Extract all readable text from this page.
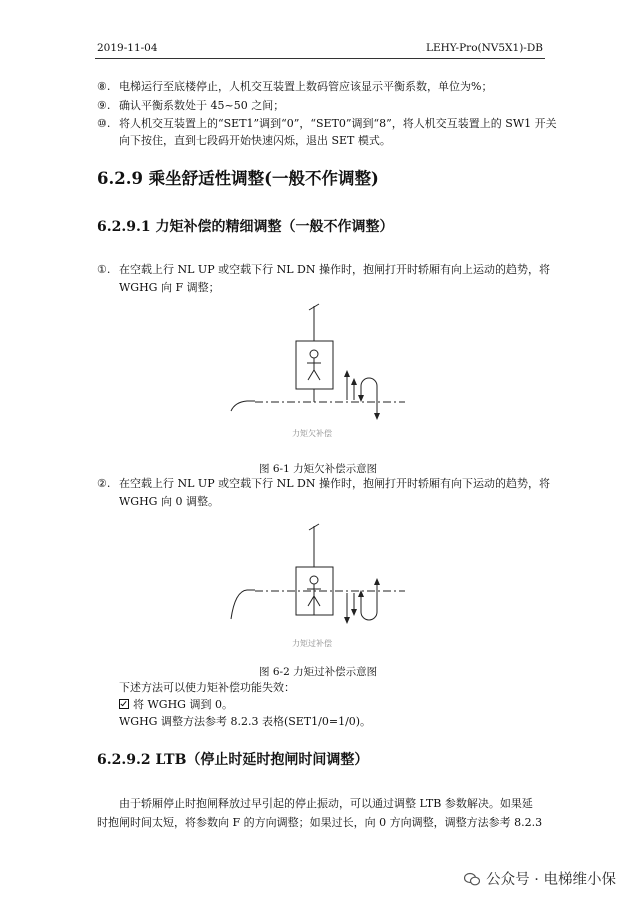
2019-11-04	LEHY-Pro(NV5X1)-DB
⑧. 电梯运行至底楼停止，人机交互装置上数码管应该显示平衡系数，单位为%；
⑨. 确认平衡系数处于 45~50 之间；
⑩. 将人机交互装置上的“SET1”调到“0”，“SET0”调到“8”，将人机交互装置上的 SW1 开关
向下按住，直到七段码开始快速闪烁，退出 SET 模式。
6.2.9 乘坐舒适性调整(一般不作调整)
6.2.9.1 力矩补偿的精细调整（一般不作调整）
①. 在空载上行 NL UP 或空载下行 NL DN 操作时，抱闸打开时轿厢有向上运动的趋势，将
WGHG 向 F 调整；
力矩欠补偿
图 6-1 力矩欠补偿示意图
②. 在空载上行 NL UP 或空载下行 NL DN 操作时，抱闸打开时轿厢有向下运动的趋势，将
WGHG 向 0 调整。
力矩过补偿
图 6-2 力矩过补偿示意图
下述方法可以使力矩补偿功能失效：
将 WGHG 调到 0。
WGHG 调整方法参考 8.2.3 表格(SET1/0=1/0)。
6.2.9.2 LTB（停止时延时抱闸时间调整）
由于轿厢停止时抱闸释放过早引起的停止振动，可以通过调整 LTB 参数解决。如果延
时抱闸时间太短，将参数向 F 的方向调整；如果过长，向 0 方向调整，调整方法参考 8.2.3
公众号 · 电梯维小保
